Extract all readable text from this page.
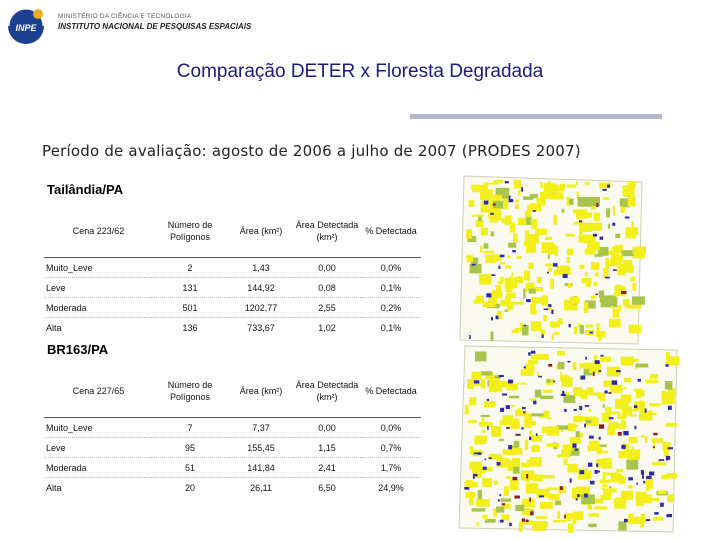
INPE
MINISTÉRIO DA CIÊNCIA E TECNOLOGIA
INSTITUTO NACIONAL DE PESQUISAS ESPACIAIS
Comparação DETER x Floresta Degradada
Período de avaliação: agosto de 2006 a julho de 2007 (PRODES 2007)
Tailândia/PA
Cena 223/62	Número de Polígonos	Área (km²)	Área Detectada (km²)	% Detectada
Muito_Leve	2	1,43	0,00	0,0%
Leve	131	144,92	0,08	0,1%
Moderada	501	1202,77	2,55	0,2%
Alta	136	733,67	1,02	0,1%
BR163/PA
Cena 227/65	Número de Polígonos	Área (km²)	Área Detectada (km²)	% Detectada
Muito_Leve	7	7,37	0,00	0,0%
Leve	95	155,45	1,15	0,7%
Moderada	51	141,84	2,41	1,7%
Alta	20	26,11	6,50	24,9%
